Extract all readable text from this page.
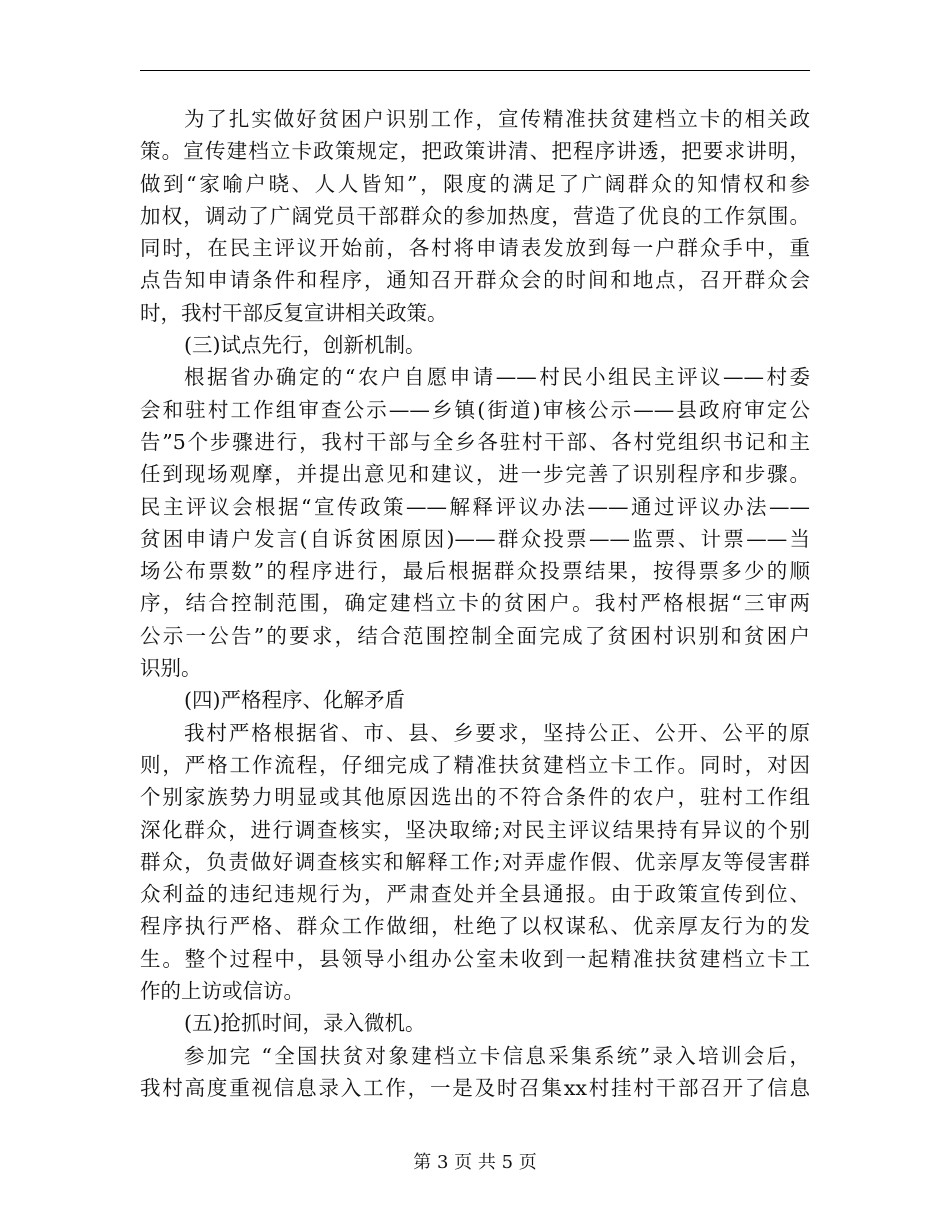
为了扎实做好贫困户识别工作，宣传精准扶贫建档立卡的相关政
策。宣传建档立卡政策规定，把政策讲清、把程序讲透，把要求讲明，
做到“家喻户晓、人人皆知”，限度的满足了广阔群众的知情权和参
加权，调动了广阔党员干部群众的参加热度，营造了优良的工作氛围。
同时，在民主评议开始前，各村将申请表发放到每一户群众手中，重
点告知申请条件和程序，通知召开群众会的时间和地点，召开群众会
时，我村干部反复宣讲相关政策。
(三)试点先行，创新机制。
根据省办确定的“农户自愿申请——村民小组民主评议——村委
会和驻村工作组审查公示——乡镇(街道)审核公示——县政府审定公
告”5个步骤进行，我村干部与全乡各驻村干部、各村党组织书记和主
任到现场观摩，并提出意见和建议，进一步完善了识别程序和步骤。
民主评议会根据“宣传政策——解释评议办法——通过评议办法——
贫困申请户发言(自诉贫困原因)——群众投票——监票、计票——当
场公布票数”的程序进行，最后根据群众投票结果，按得票多少的顺
序，结合控制范围，确定建档立卡的贫困户。我村严格根据“三审两
公示一公告”的要求，结合范围控制全面完成了贫困村识别和贫困户
识别。
(四)严格程序、化解矛盾
我村严格根据省、市、县、乡要求，坚持公正、公开、公平的原
则，严格工作流程，仔细完成了精准扶贫建档立卡工作。同时，对因
个别家族势力明显或其他原因选出的不符合条件的农户，驻村工作组
深化群众，进行调查核实，坚决取缔;对民主评议结果持有异议的个别
群众，负责做好调查核实和解释工作;对弄虚作假、优亲厚友等侵害群
众利益的违纪违规行为，严肃查处并全县通报。由于政策宣传到位、
程序执行严格、群众工作做细，杜绝了以权谋私、优亲厚友行为的发
生。整个过程中，县领导小组办公室未收到一起精准扶贫建档立卡工
作的上访或信访。
(五)抢抓时间，录入微机。
参加完 “全国扶贫对象建档立卡信息采集系统”录入培训会后，
我村高度重视信息录入工作，一是及时召集xx村挂村干部召开了信息
第 3 页 共 5 页
